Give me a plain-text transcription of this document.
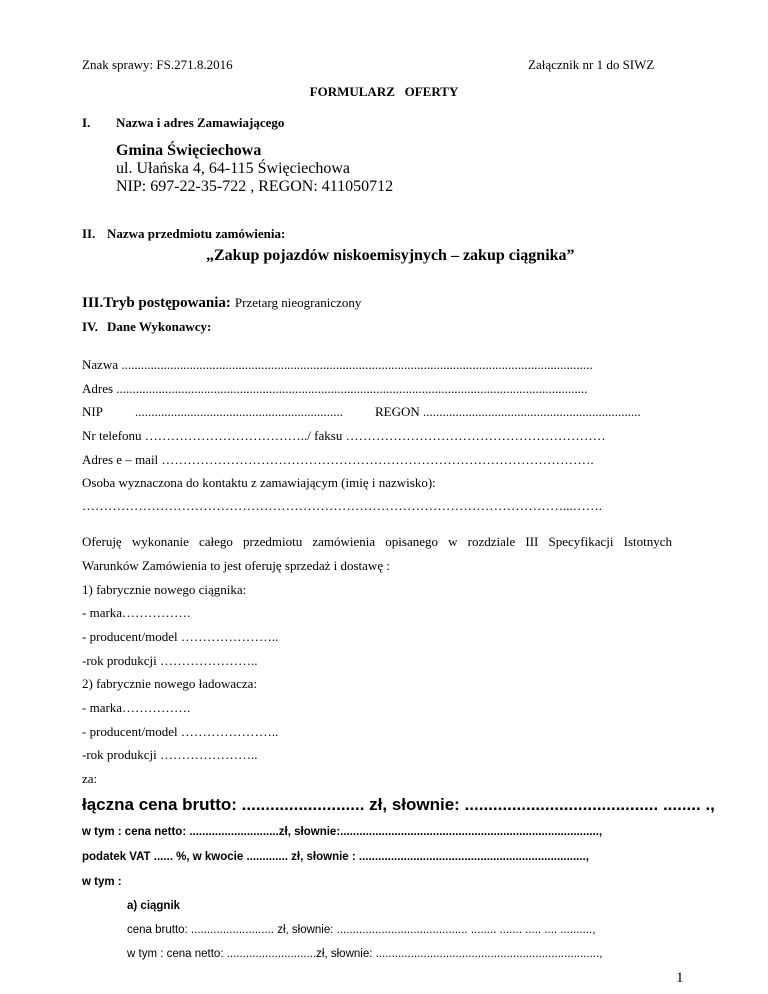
Znak sprawy: FS.271.8.2016	Załącznik nr 1 do SIWZ
FORMULARZ   OFERTY
I. Nazwa i adres Zamawiającego
Gmina Święciechowa
ul. Ułańska 4, 64-115 Święciechowa
NIP: 697-22-35-722 , REGON: 411050712
II. Nazwa przedmiotu zamówienia:
„Zakup pojazdów niskoemisyjnych – zakup ciągnika”
III.Tryb postępowania: Przetarg nieograniczony
IV. Dane Wykonawcy:
Nazwa .................................................................................................................................................
Adres .................................................................................................................................................
NIP ................................................................ REGON ...................................................................
Nr telefonu ………………………………../ faksu ……………………………………………………
Adres e – mail ……………………………………………………………………………………….
Osoba wyznaczona do kontaktu z zamawiającym (imię i nazwisko):
…………………………………………………………………………………………………...…….
Oferuję wykonanie całego przedmiotu zamówienia opisanego w rozdziale III Specyfikacji Istotnych
Warunków Zamówienia to jest oferuję sprzedaż i dostawę :
1) fabrycznie nowego ciągnika:
- marka…………….
- producent/model …………………..
-rok produkcji …………………..
2) fabrycznie nowego ładowacza:
- marka…………….
- producent/model …………………..
-rok produkcji …………………..
za:
łączna cena brutto: .......................... zł, słownie: ......................................... ........ .,
w tym : cena netto: ............................zł, słownie:.................................................................................,
podatek VAT ...... %, w kwocie ............. zł, słownie : .......................................................................,
w tym :
a) ciągnik
cena brutto: .......................... zł, słownie: ......................................... ........ ....... ..... .... ..........,
w tym : cena netto: ............................zł, słownie: ......................................................................,
1
